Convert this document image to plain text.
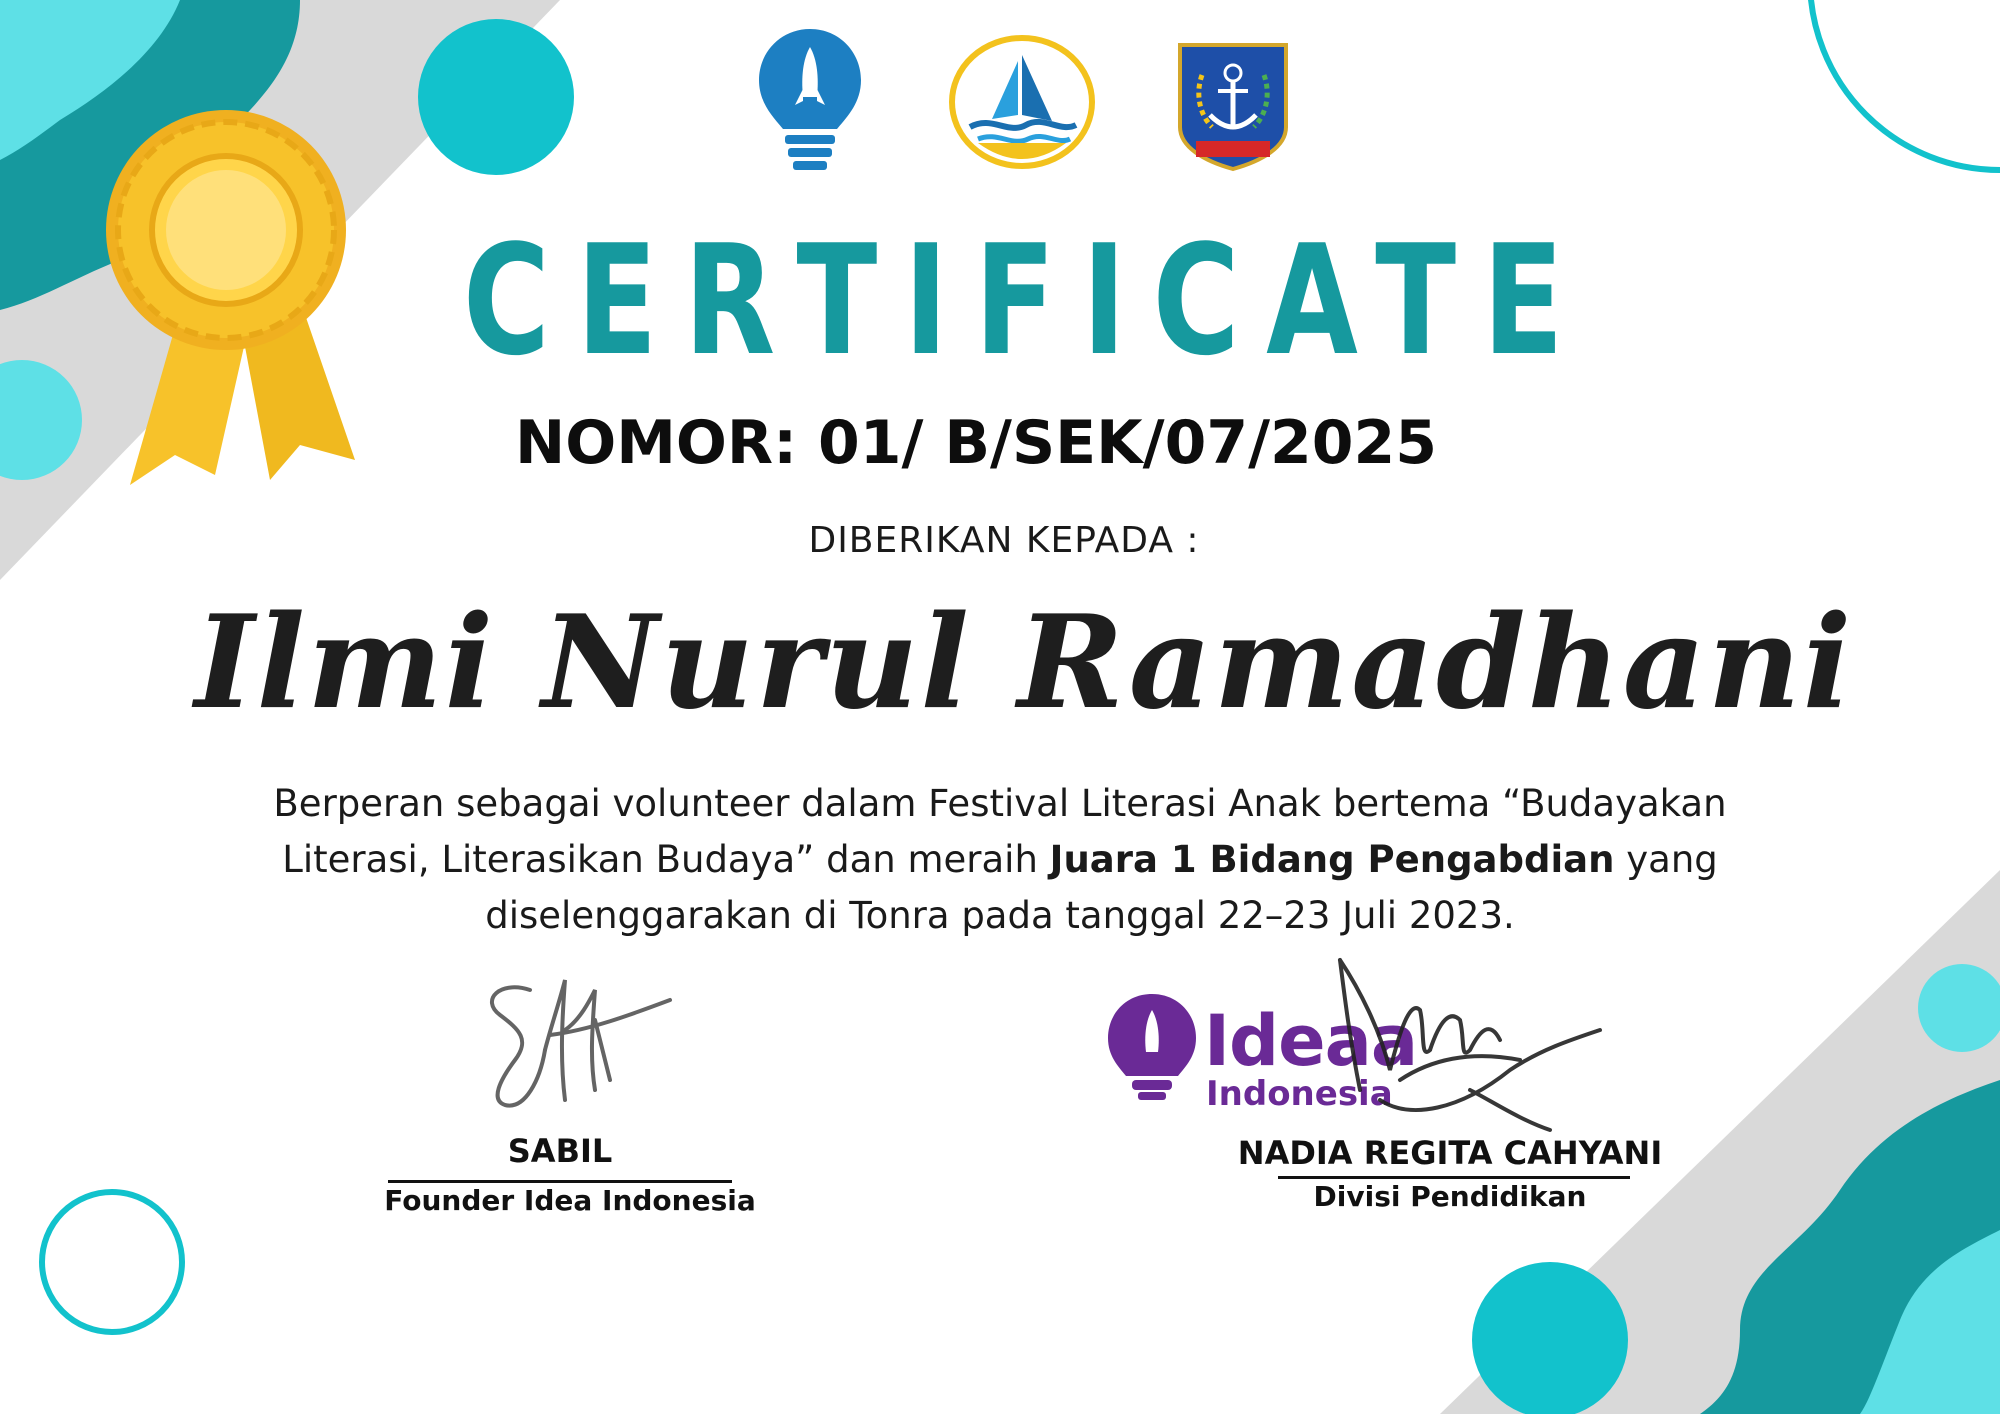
CERTIFICATE
NOMOR: 01/ B/SEK/07/2025
DIBERIKAN KEPADA :
Ilmi Nurul Ramadhani
Berperan sebagai volunteer dalam Festival Literasi Anak bertema “Budayakan Literasi, Literasikan Budaya” dan meraih Juara 1 Bidang Pengabdian yang diselenggarakan di Tonra pada tanggal 22–23 Juli 2023.
SABIL
Founder Idea Indonesia
Ideaa
Indonesia
NADIA REGITA CAHYANI
Divisi Pendidikan
